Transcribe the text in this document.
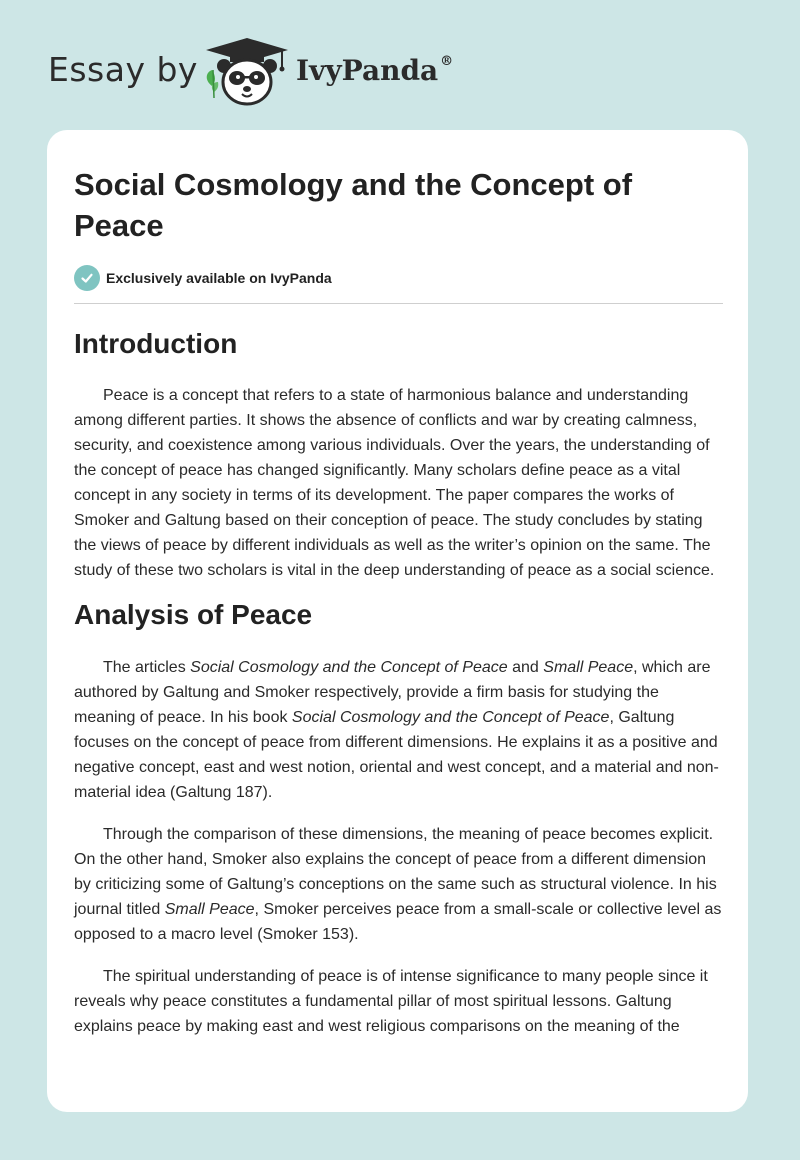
Essay by	IvyPanda ®
Social Cosmology and the Concept of Peace
Exclusively available on IvyPanda
Introduction

Peace is a concept that refers to a state of harmonious balance and understanding among different parties. It shows the absence of conflicts and war by creating calmness, security, and coexistence among various individuals. Over the years, the understanding of the concept of peace has changed significantly. Many scholars define peace as a vital concept in any society in terms of its development. The paper compares the works of Smoker and Galtung based on their conception of peace. The study concludes by stating the views of peace by different individuals as well as the writer’s opinion on the same. The study of these two scholars is vital in the deep understanding of peace as a social science.

Analysis of Peace

The articles Social Cosmology and the Concept of Peace and Small Peace, which are authored by Galtung and Smoker respectively, provide a firm basis for studying the meaning of peace. In his book Social Cosmology and the Concept of Peace, Galtung focuses on the concept of peace from different dimensions. He explains it as a positive and negative concept, east and west notion, oriental and west concept, and a material and non-material idea (Galtung 187).

Through the comparison of these dimensions, the meaning of peace becomes explicit. On the other hand, Smoker also explains the concept of peace from a different dimension by criticizing some of Galtung’s conceptions on the same such as structural violence. In his journal titled Small Peace, Smoker perceives peace from a small-scale or collective level as opposed to a macro level (Smoker 153).

The spiritual understanding of peace is of intense significance to many people since it reveals why peace constitutes a fundamental pillar of most spiritual lessons. Galtung explains peace by making east and west religious comparisons on the meaning of the
